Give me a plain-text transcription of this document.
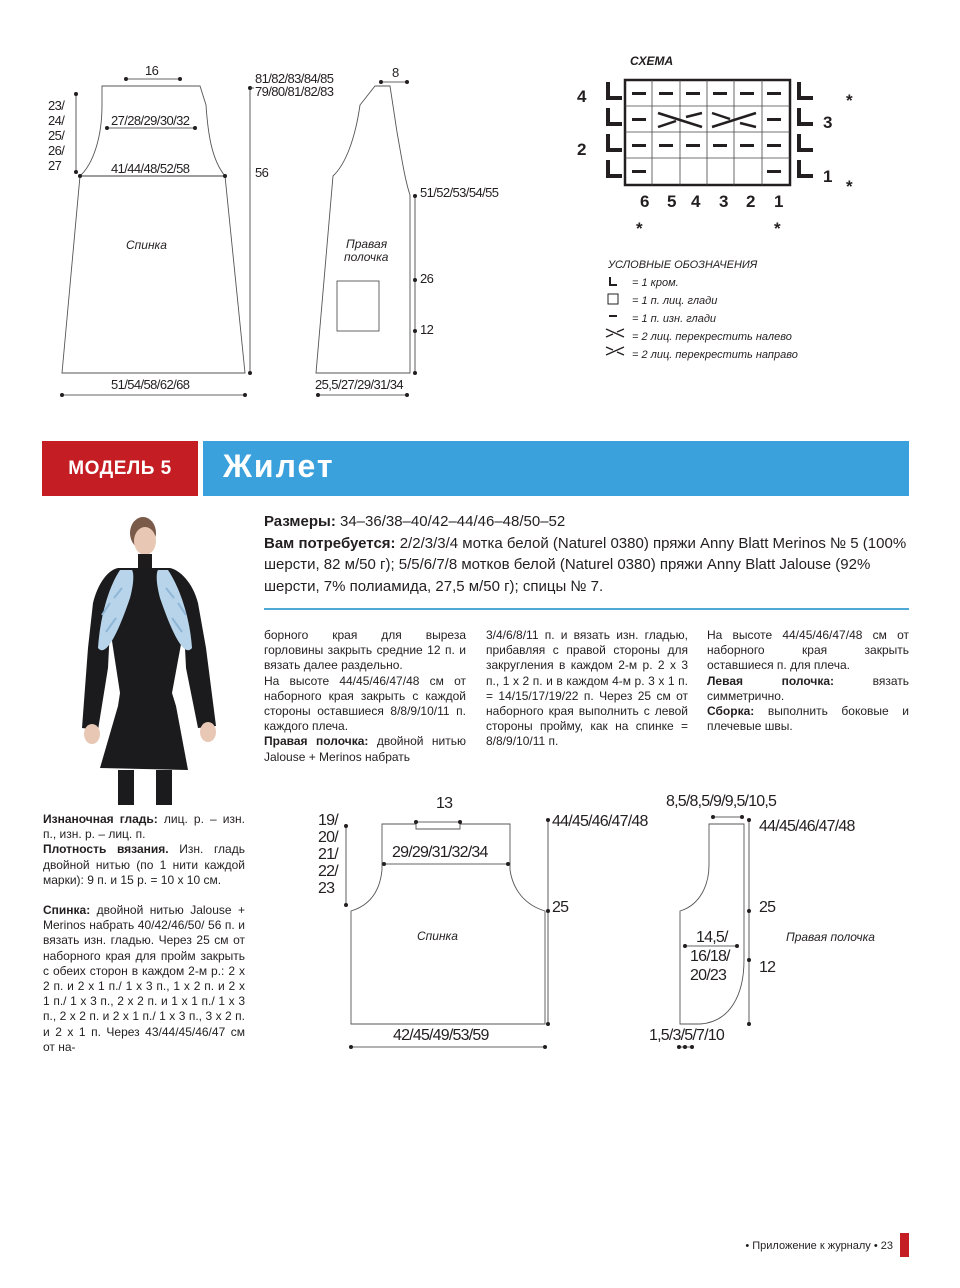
16
23/
24/
25/
26/
27
27/28/29/30/32
41/44/48/52/58	56
Спинка
51/54/58/62/68
81/82/83/84/85
79/80/81/82/83
8
51/52/53/54/55
Правая
полочка
26
12
25,5/27/29/31/34
СХЕМА
4
2
3
1
*
*
*	*
6 5 4 3 2 1
УСЛОВНЫЕ ОБОЗНАЧЕНИЯ
= 1 кром.
= 1 п. лиц. глади
= 1 п. изн. глади
= 2 лиц. перекрестить налево
= 2 лиц. перекрестить направо
МОДЕЛЬ 5 Жилет
Размеры: 34–36/38–40/42–44/46–48/50–52
Вам потребуется: 2/2/3/3/4 мотка белой (Naturel 0380) пряжи Anny Blatt Merinos № 5 (100% шерсти, 82 м/50 г); 5/5/6/7/8 мотков белой (Naturel 0380) пряжи Anny Blatt Jalouse (92% шерсти, 7% полиамида, 27,5 м/50 г); спицы № 7.

борного края для выреза горловины закрыть средние 12 п. и вязать далее раздельно.

На высоте 44/45/46/47/48 см от наборного края закрыть с каждой стороны оставшиеся 8/8/9/10/11 п. каждого плеча.

Правая полочка: двойной нитью Jalouse + Merinos набрать

3/4/6/8/11 п. и вязать изн. гладью, прибавляя с правой стороны для закругления в каждом 2-м р. 2 х 3 п., 1 х 2 п. и в каждом 4-м р. 3 х 1 п. = 14/15/17/19/22 п. Через 25 см от наборного края выполнить с левой стороны пройму, как на спинке = 8/8/9/10/11 п.

На высоте 44/45/46/47/48 см от наборного края закрыть оставшиеся п. для плеча.

Левая полочка: вязать симметрично.

Сборка: выполнить боковые и плечевые швы.

Изнаночная гладь: лиц. р. – изн. п., изн. р. – лиц. п.

Плотность вязания. Изн. гладь двойной нитью (по 1 нити каждой марки): 9 п. и 15 р. = 10 х 10 см.

Спинка: двойной нитью Jalouse + Merinos набрать 40/42/46/50/ 56 п. и вязать изн. гладью. Через 25 см от наборного края для пройм закрыть с обеих сторон в каждом 2-м р.: 2 х 2 п. и 2 х 1 п./ 1 х 3 п., 1 х 2 п. и 2 х 1 п./ 1 х 3 п., 2 х 2 п. и 1 х 1 п./ 1 х 3 п., 2 х 2 п. и 2 х 1 п./ 1 х 3 п., 3 х 2 п. и 2 х 1 п. Через 43/44/45/46/47 см от на-

13
19/
20/
21/
22/
23
29/29/31/32/34
44/45/46/47/48
25
Спинка
42/45/49/53/59
8,5/8,5/9/9,5/10,5
44/45/46/47/48
25
14,5/
16/18/
20/23 12
Правая полочка
1,5/3/5/7/10
• Приложение к журналу • 23
